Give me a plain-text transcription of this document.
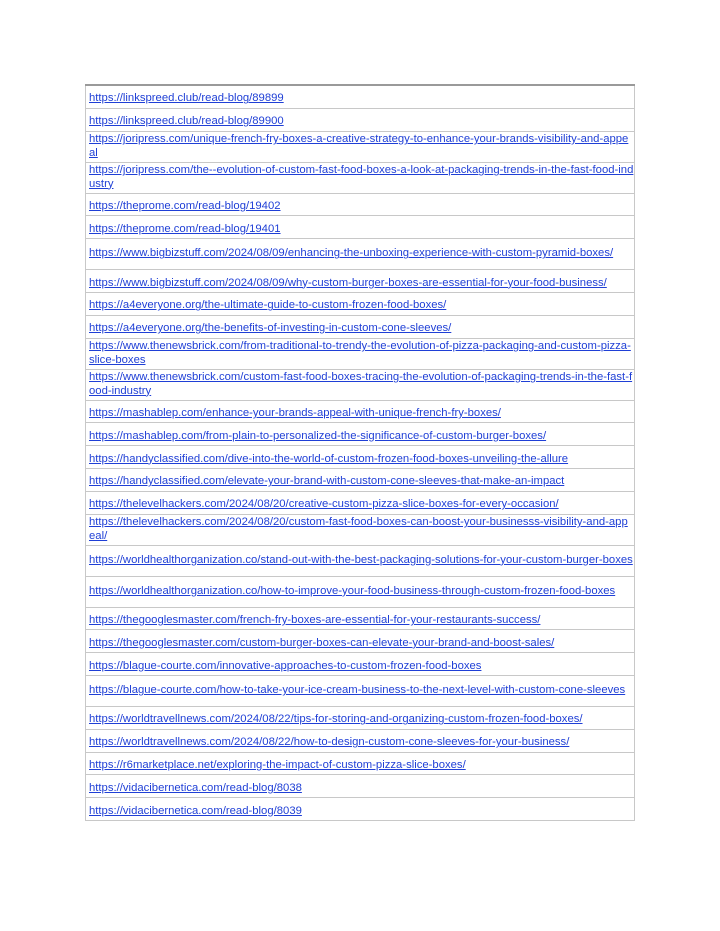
https://linkspreed.club/read-blog/89899
https://linkspreed.club/read-blog/89900
https://joripress.com/unique-french-fry-boxes-a-creative-strategy-to-enhance-your-brands-visibility-and-appeal
https://joripress.com/the--evolution-of-custom-fast-food-boxes-a-look-at-packaging-trends-in-the-fast-food-industry
https://theprome.com/read-blog/19402
https://theprome.com/read-blog/19401
https://www.bigbizstuff.com/2024/08/09/enhancing-the-unboxing-experience-with-custom-pyramid-boxes/
https://www.bigbizstuff.com/2024/08/09/why-custom-burger-boxes-are-essential-for-your-food-business/
https://a4everyone.org/the-ultimate-guide-to-custom-frozen-food-boxes/
https://a4everyone.org/the-benefits-of-investing-in-custom-cone-sleeves/
https://www.thenewsbrick.com/from-traditional-to-trendy-the-evolution-of-pizza-packaging-and-custom-pizza-slice-boxes
https://www.thenewsbrick.com/custom-fast-food-boxes-tracing-the-evolution-of-packaging-trends-in-the-fast-food-industry
https://mashablep.com/enhance-your-brands-appeal-with-unique-french-fry-boxes/
https://mashablep.com/from-plain-to-personalized-the-significance-of-custom-burger-boxes/
https://handyclassified.com/dive-into-the-world-of-custom-frozen-food-boxes-unveiling-the-allure
https://handyclassified.com/elevate-your-brand-with-custom-cone-sleeves-that-make-an-impact
https://thelevelhackers.com/2024/08/20/creative-custom-pizza-slice-boxes-for-every-occasion/
https://thelevelhackers.com/2024/08/20/custom-fast-food-boxes-can-boost-your-businesss-visibility-and-appeal/
https://worldhealthorganization.co/stand-out-with-the-best-packaging-solutions-for-your-custom-burger-boxes
https://worldhealthorganization.co/how-to-improve-your-food-business-through-custom-frozen-food-boxes
https://thegooglesmaster.com/french-fry-boxes-are-essential-for-your-restaurants-success/
https://thegooglesmaster.com/custom-burger-boxes-can-elevate-your-brand-and-boost-sales/
https://blague-courte.com/innovative-approaches-to-custom-frozen-food-boxes
https://blague-courte.com/how-to-take-your-ice-cream-business-to-the-next-level-with-custom-cone-sleeves
https://worldtravellnews.com/2024/08/22/tips-for-storing-and-organizing-custom-frozen-food-boxes/
https://worldtravellnews.com/2024/08/22/how-to-design-custom-cone-sleeves-for-your-business/
https://r6marketplace.net/exploring-the-impact-of-custom-pizza-slice-boxes/
https://vidacibernetica.com/read-blog/8038
https://vidacibernetica.com/read-blog/8039
